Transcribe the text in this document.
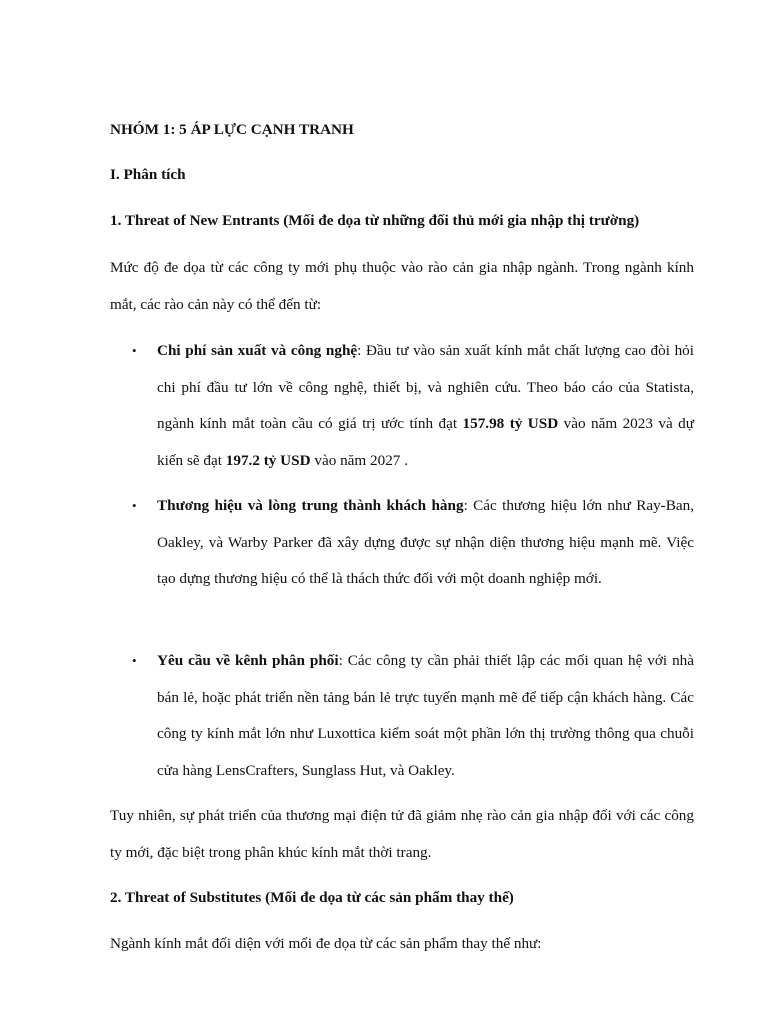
NHÓM 1: 5 ÁP LỰC CẠNH TRANH

I. Phân tích

1. Threat of New Entrants (Mối đe dọa từ những đối thủ mới gia nhập thị trường)

Mức độ đe dọa từ các công ty mới phụ thuộc vào rào cản gia nhập ngành. Trong ngành kính mắt, các rào cản này có thể đến từ:

• Chi phí sản xuất và công nghệ: Đầu tư vào sản xuất kính mắt chất lượng cao đòi hỏi chi phí đầu tư lớn về công nghệ, thiết bị, và nghiên cứu. Theo báo cáo của Statista, ngành kính mắt toàn cầu có giá trị ước tính đạt 157.98 tỷ USD vào năm 2023 và dự kiến sẽ đạt 197.2 tỷ USD vào năm 2027 .
• Thương hiệu và lòng trung thành khách hàng: Các thương hiệu lớn như Ray-Ban, Oakley, và Warby Parker đã xây dựng được sự nhận diện thương hiệu mạnh mẽ. Việc tạo dựng thương hiệu có thể là thách thức đối với một doanh nghiệp mới.
• Yêu cầu về kênh phân phối: Các công ty cần phải thiết lập các mối quan hệ với nhà bán lẻ, hoặc phát triển nền tảng bán lẻ trực tuyến mạnh mẽ để tiếp cận khách hàng. Các công ty kính mắt lớn như Luxottica kiểm soát một phần lớn thị trường thông qua chuỗi cửa hàng LensCrafters, Sunglass Hut, và Oakley.

Tuy nhiên, sự phát triển của thương mại điện tử đã giảm nhẹ rào cản gia nhập đối với các công ty mới, đặc biệt trong phân khúc kính mắt thời trang.

2. Threat of Substitutes (Mối đe dọa từ các sản phẩm thay thế)

Ngành kính mắt đối diện với mối đe dọa từ các sản phẩm thay thế như:
